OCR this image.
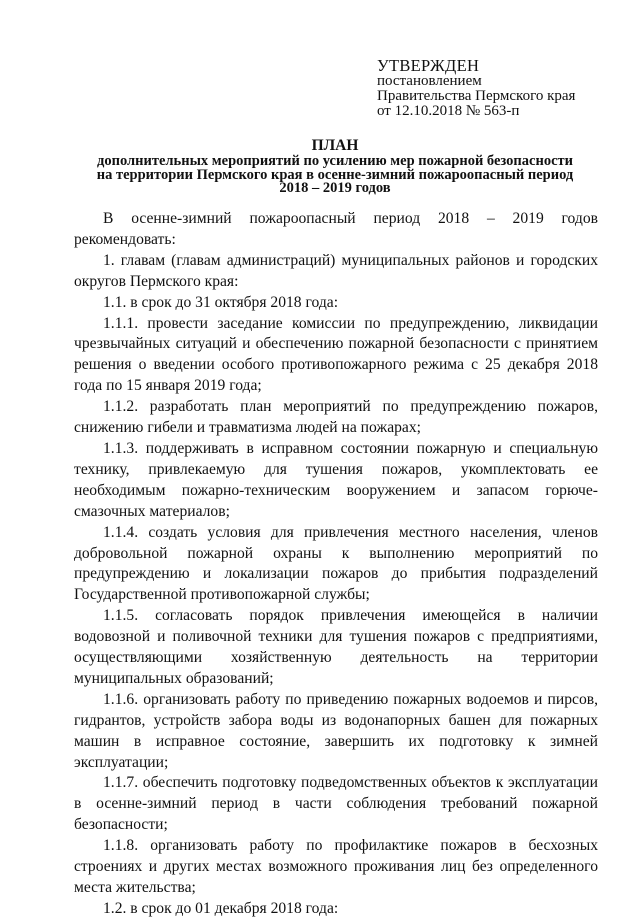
УТВЕРЖДЕН
постановлением
Правительства Пермского края
от 12.10.2018 № 563-п
ПЛАН
дополнительных мероприятий по усилению мер пожарной безопасности
на территории Пермского края в осенне-зимний пожароопасный период
2018 – 2019 годов

В осенне-зимний пожароопасный период 2018 – 2019 годов рекомендовать:

1. главам (главам администраций) муниципальных районов и городских округов Пермского края:

1.1. в срок до 31 октября 2018 года:

1.1.1. провести заседание комиссии по предупреждению, ликвидации чрезвычайных ситуаций и обеспечению пожарной безопасности с принятием решения о введении особого противопожарного режима с 25 декабря 2018 года по 15 января 2019 года;

1.1.2. разработать план мероприятий по предупреждению пожаров, снижению гибели и травматизма людей на пожарах;

1.1.3. поддерживать в исправном состоянии пожарную и специальную технику, привлекаемую для тушения пожаров, укомплектовать ее необходимым пожарно-техническим вооружением и запасом горюче-смазочных материалов;

1.1.4. создать условия для привлечения местного населения, членов добровольной пожарной охраны к выполнению мероприятий по предупреждению и локализации пожаров до прибытия подразделений Государственной противопожарной службы;

1.1.5. согласовать порядок привлечения имеющейся в наличии водовозной и поливочной техники для тушения пожаров с предприятиями, осуществляющими хозяйственную деятельность на территории муниципальных образований;

1.1.6. организовать работу по приведению пожарных водоемов и пирсов, гидрантов, устройств забора воды из водонапорных башен для пожарных машин в исправное состояние, завершить их подготовку к зимней эксплуатации;

1.1.7. обеспечить подготовку подведомственных объектов к эксплуатации в осенне-зимний период в части соблюдения требований пожарной безопасности;

1.1.8. организовать работу по профилактике пожаров в бесхозных строениях и других местах возможного проживания лиц без определенного места жительства;

1.2. в срок до 01 декабря 2018 года:
